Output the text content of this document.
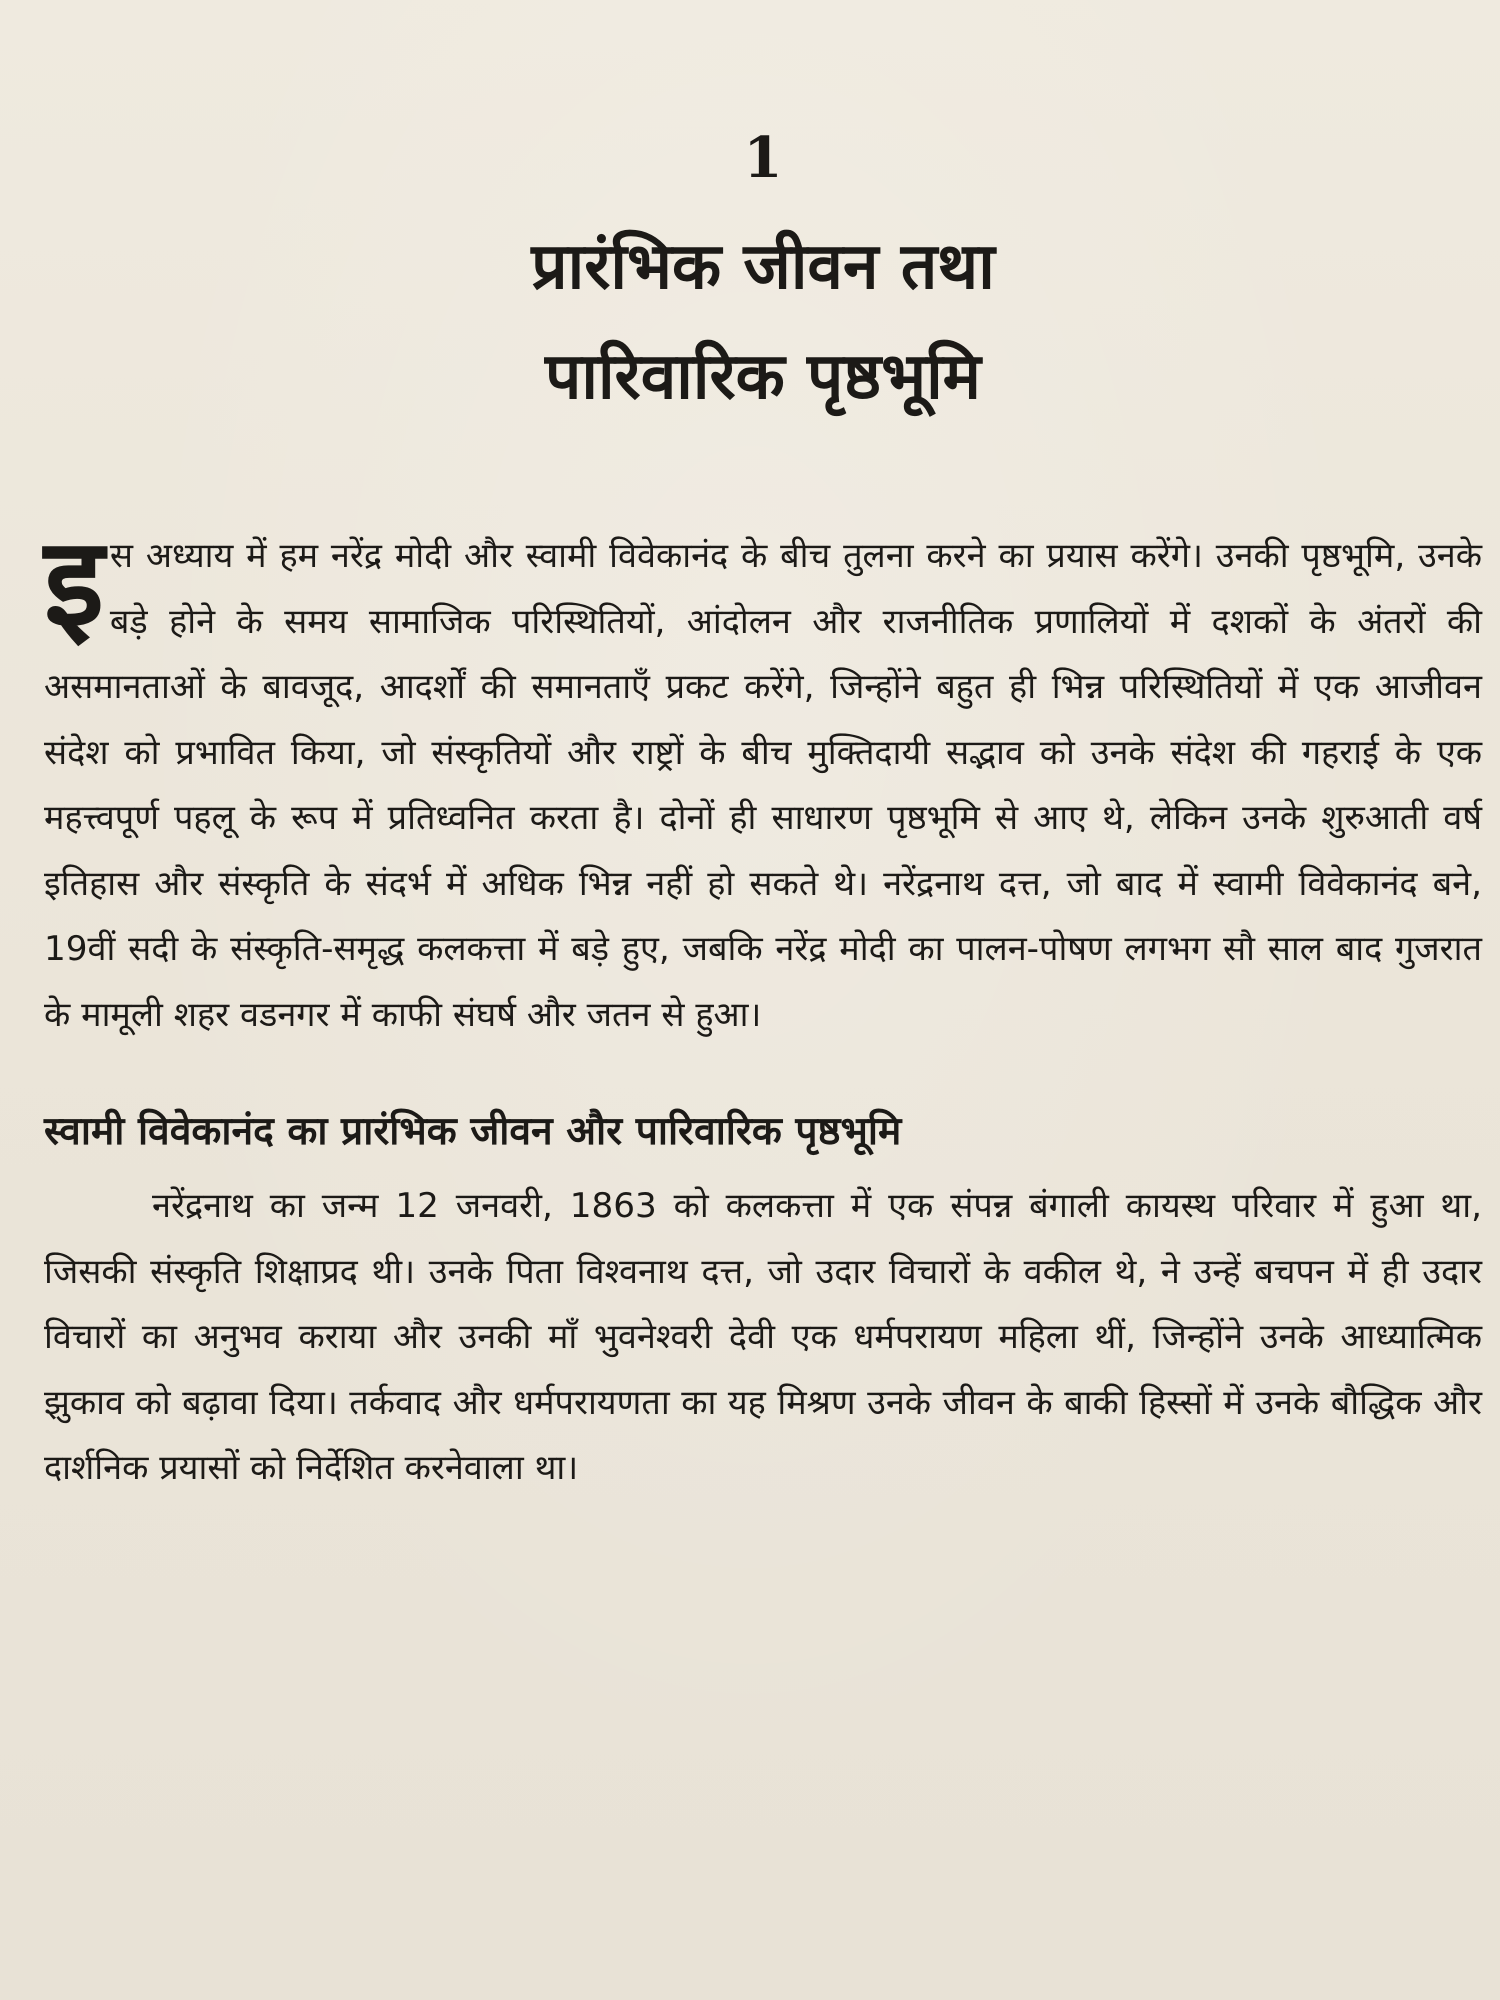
1
प्रारंभिक जीवन तथा
पारिवारिक पृष्ठभूमि

इस अध्याय में हम नरेंद्र मोदी और स्वामी विवेकानंद के बीच तुलना करने का प्रयास करेंगे। उनकी पृष्ठभूमि, उनके बड़े होने के समय सामाजिक परिस्थितियों, आंदोलन और राजनीतिक प्रणालियों में दशकों के अंतरों की असमानताओं के बावजूद, आदर्शों की समानताएँ प्रकट करेंगे, जिन्होंने बहुत ही भिन्न परिस्थितियों में एक आजीवन संदेश को प्रभावित किया, जो संस्कृतियों और राष्ट्रों के बीच मुक्तिदायी सद्भाव को उनके संदेश की गहराई के एक महत्त्वपूर्ण पहलू के रूप में प्रतिध्वनित करता है। दोनों ही साधारण पृष्ठभूमि से आए थे, लेकिन उनके शुरुआती वर्ष इतिहास और संस्कृति के संदर्भ में अधिक भिन्न नहीं हो सकते थे। नरेंद्रनाथ दत्त, जो बाद में स्वामी विवेकानंद बने, 19वीं सदी के संस्कृति-समृद्ध कलकत्ता में बड़े हुए, जबकि नरेंद्र मोदी का पालन-पोषण लगभग सौ साल बाद गुजरात के मामूली शहर वडनगर में काफी संघर्ष और जतन से हुआ।

स्वामी विवेकानंद का प्रारंभिक जीवन और पारिवारिक पृष्ठभूमि

नरेंद्रनाथ का जन्म 12 जनवरी, 1863 को कलकत्ता में एक संपन्न बंगाली कायस्थ परिवार में हुआ था, जिसकी संस्कृति शिक्षाप्रद थी। उनके पिता विश्वनाथ दत्त, जो उदार विचारों के वकील थे, ने उन्हें बचपन में ही उदार विचारों का अनुभव कराया और उनकी माँ भुवनेश्वरी देवी एक धर्मपरायण महिला थीं, जिन्होंने उनके आध्यात्मिक झुकाव को बढ़ावा दिया। तर्कवाद और धर्मपरायणता का यह मिश्रण उनके जीवन के बाकी हिस्सों में उनके बौद्धिक और दार्शनिक प्रयासों को निर्देशित करनेवाला था।
